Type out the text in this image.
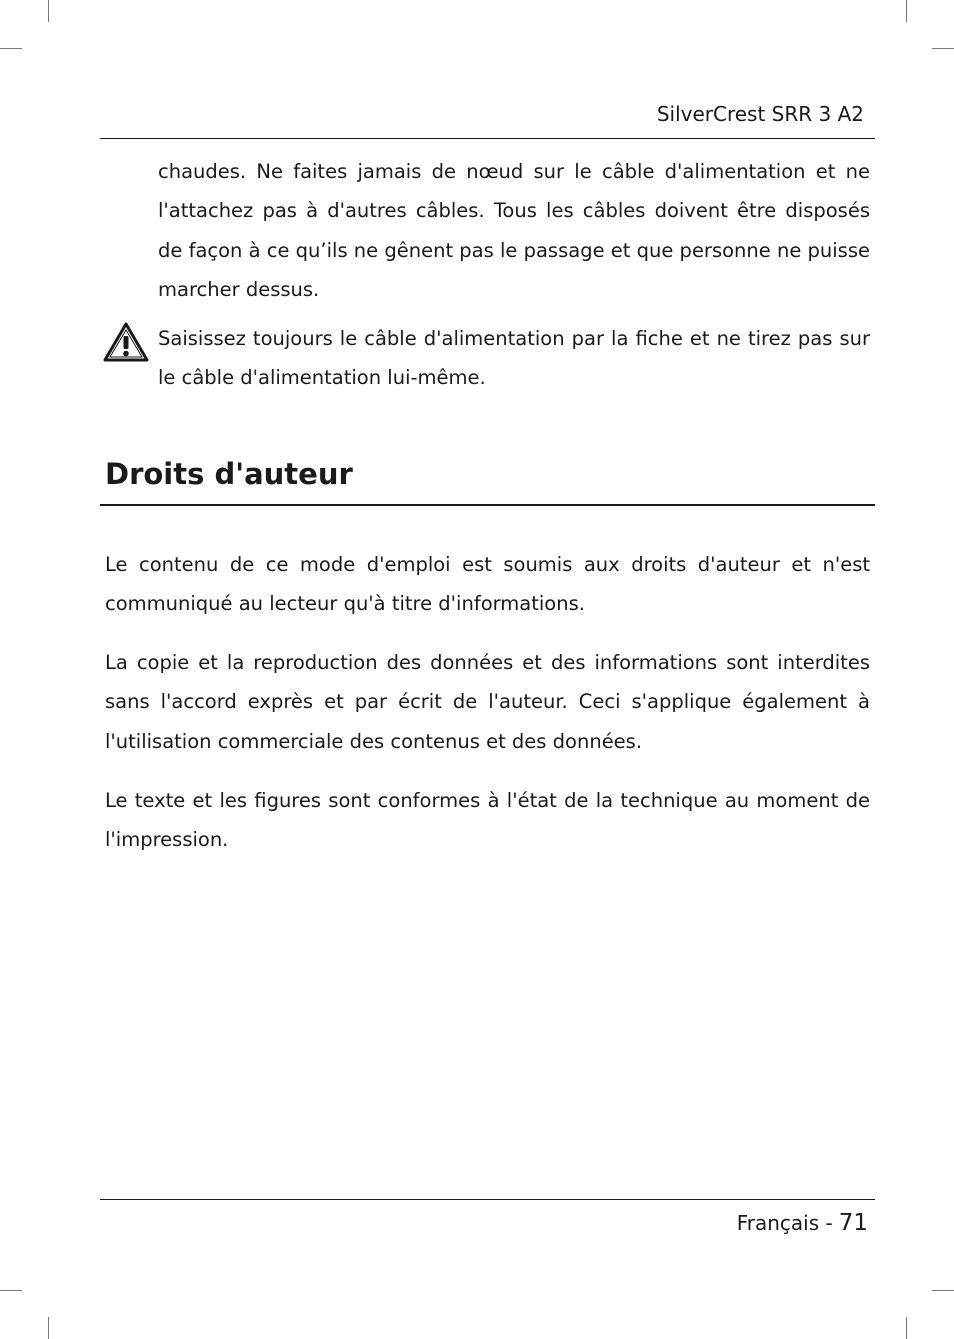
SilverCrest SRR 3 A2

chaudes. Ne faites jamais de nœud sur le câble d'alimentation et ne l'attachez pas à d'autres câbles. Tous les câbles doivent être disposés de façon à ce qu’ils ne gênent pas le passage et que personne ne puisse marcher dessus.

Saisissez toujours le câble d'alimentation par la fiche et ne tirez pas sur le câble d'alimentation lui-même.

Droits d'auteur

Le contenu de ce mode d'emploi est soumis aux droits d'auteur et n'est communiqué au lecteur qu'à titre d'informations.

La copie et la reproduction des données et des informations sont interdites sans l'accord exprès et par écrit de l'auteur. Ceci s'applique également à l'utilisation commerciale des contenus et des données.

Le texte et les figures sont conformes à l'état de la technique au moment de l'impression.

Français - 71
